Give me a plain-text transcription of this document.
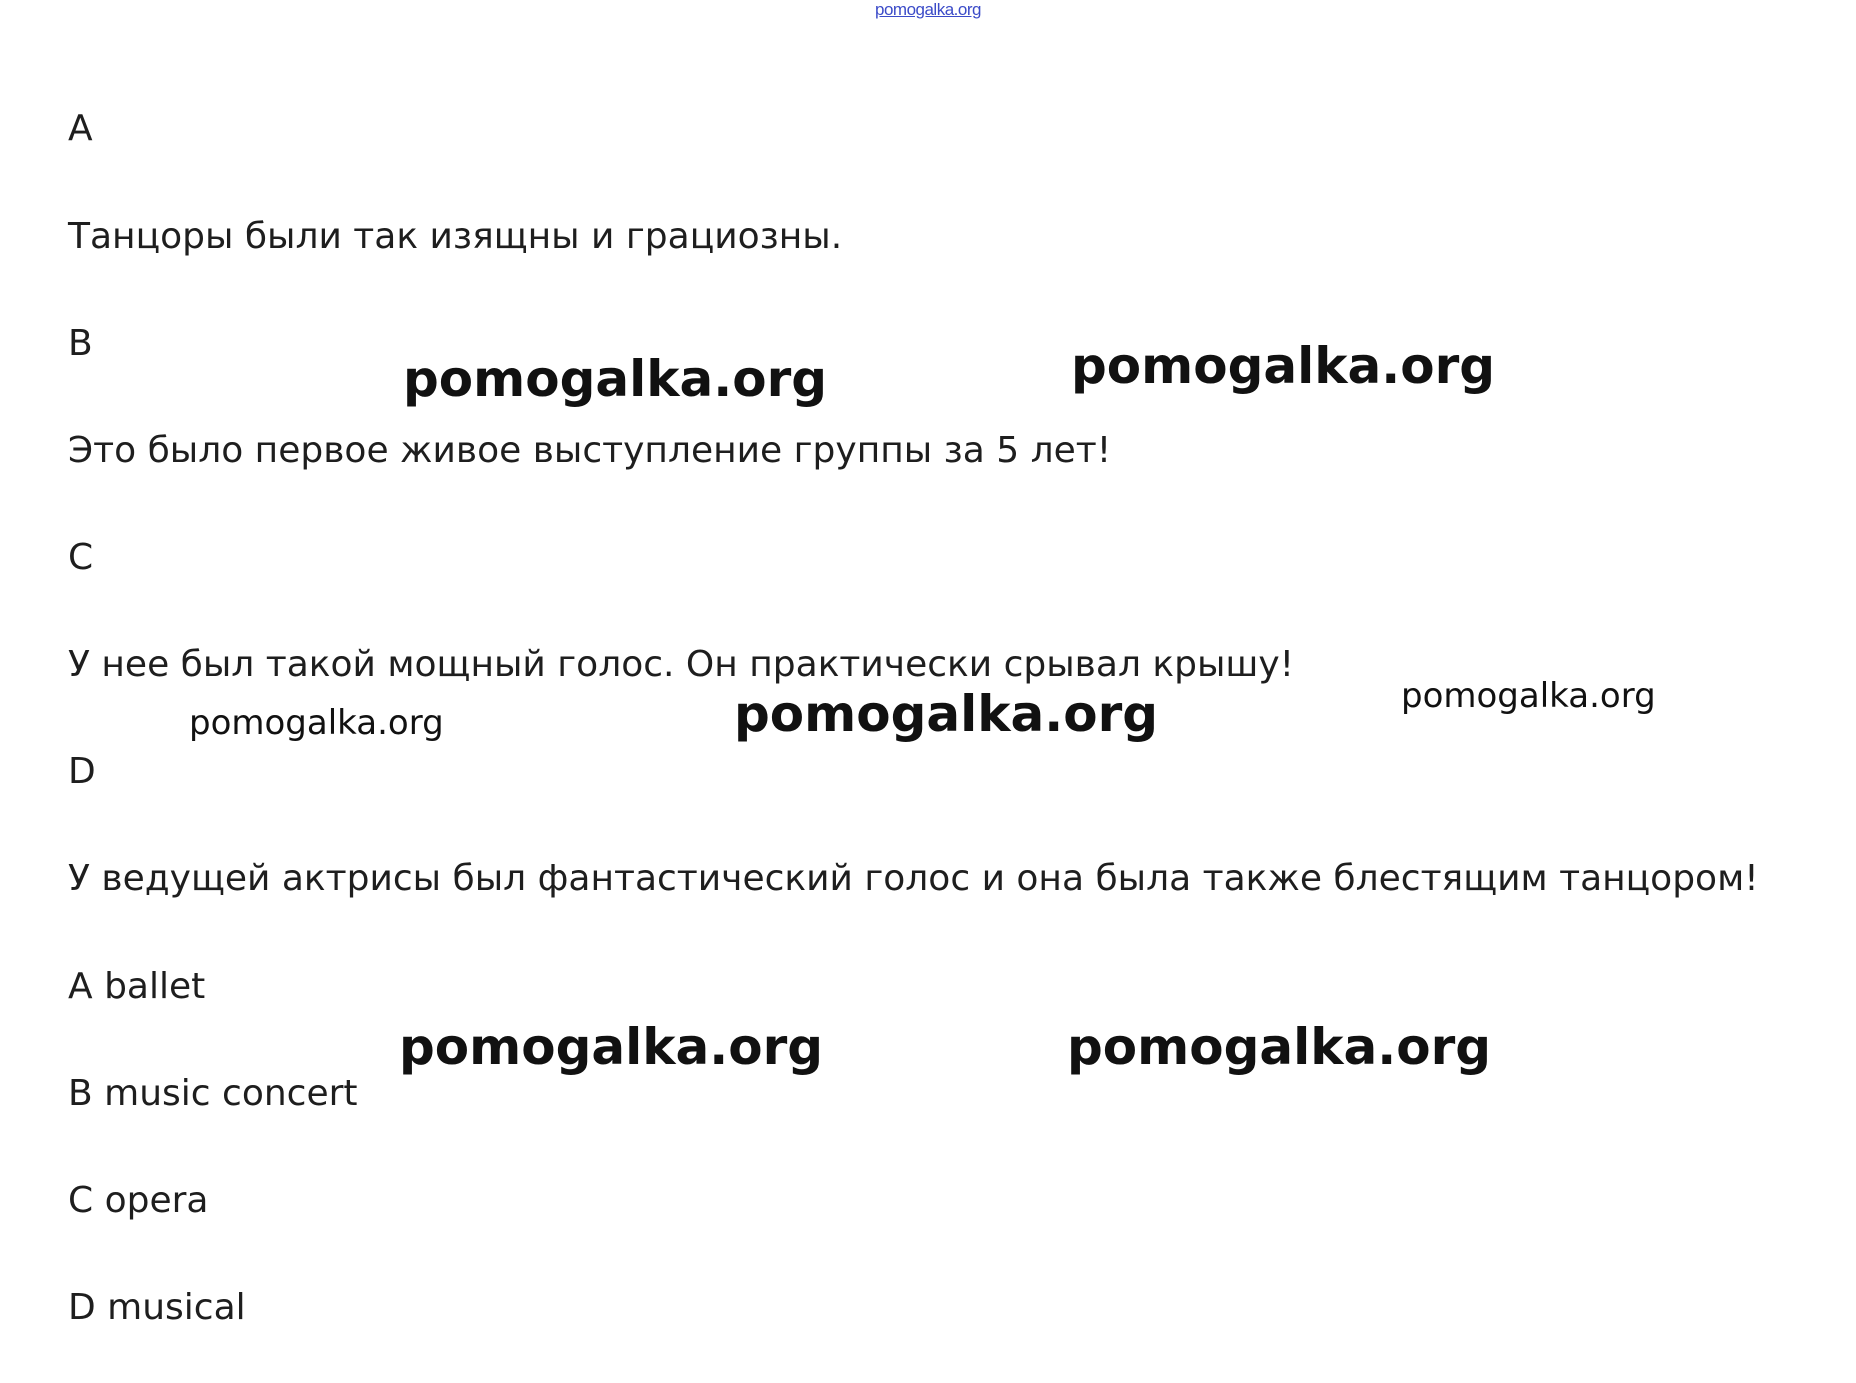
pomogalka.org
A
Танцоры были так изящны и грациозны.
B
Это было первое живое выступление группы за 5 лет!
C
У нее был такой мощный голос. Он практически срывал крышу!
D
У ведущей актрисы был фантастический голос и она была также блестящим танцором!
A ballet
B music concert
C opera
D musical
pomogalka.org	pomogalka.org
pomogalka.org
pomogalka.org	pomogalka.org
pomogalka.org	pomogalka.org
